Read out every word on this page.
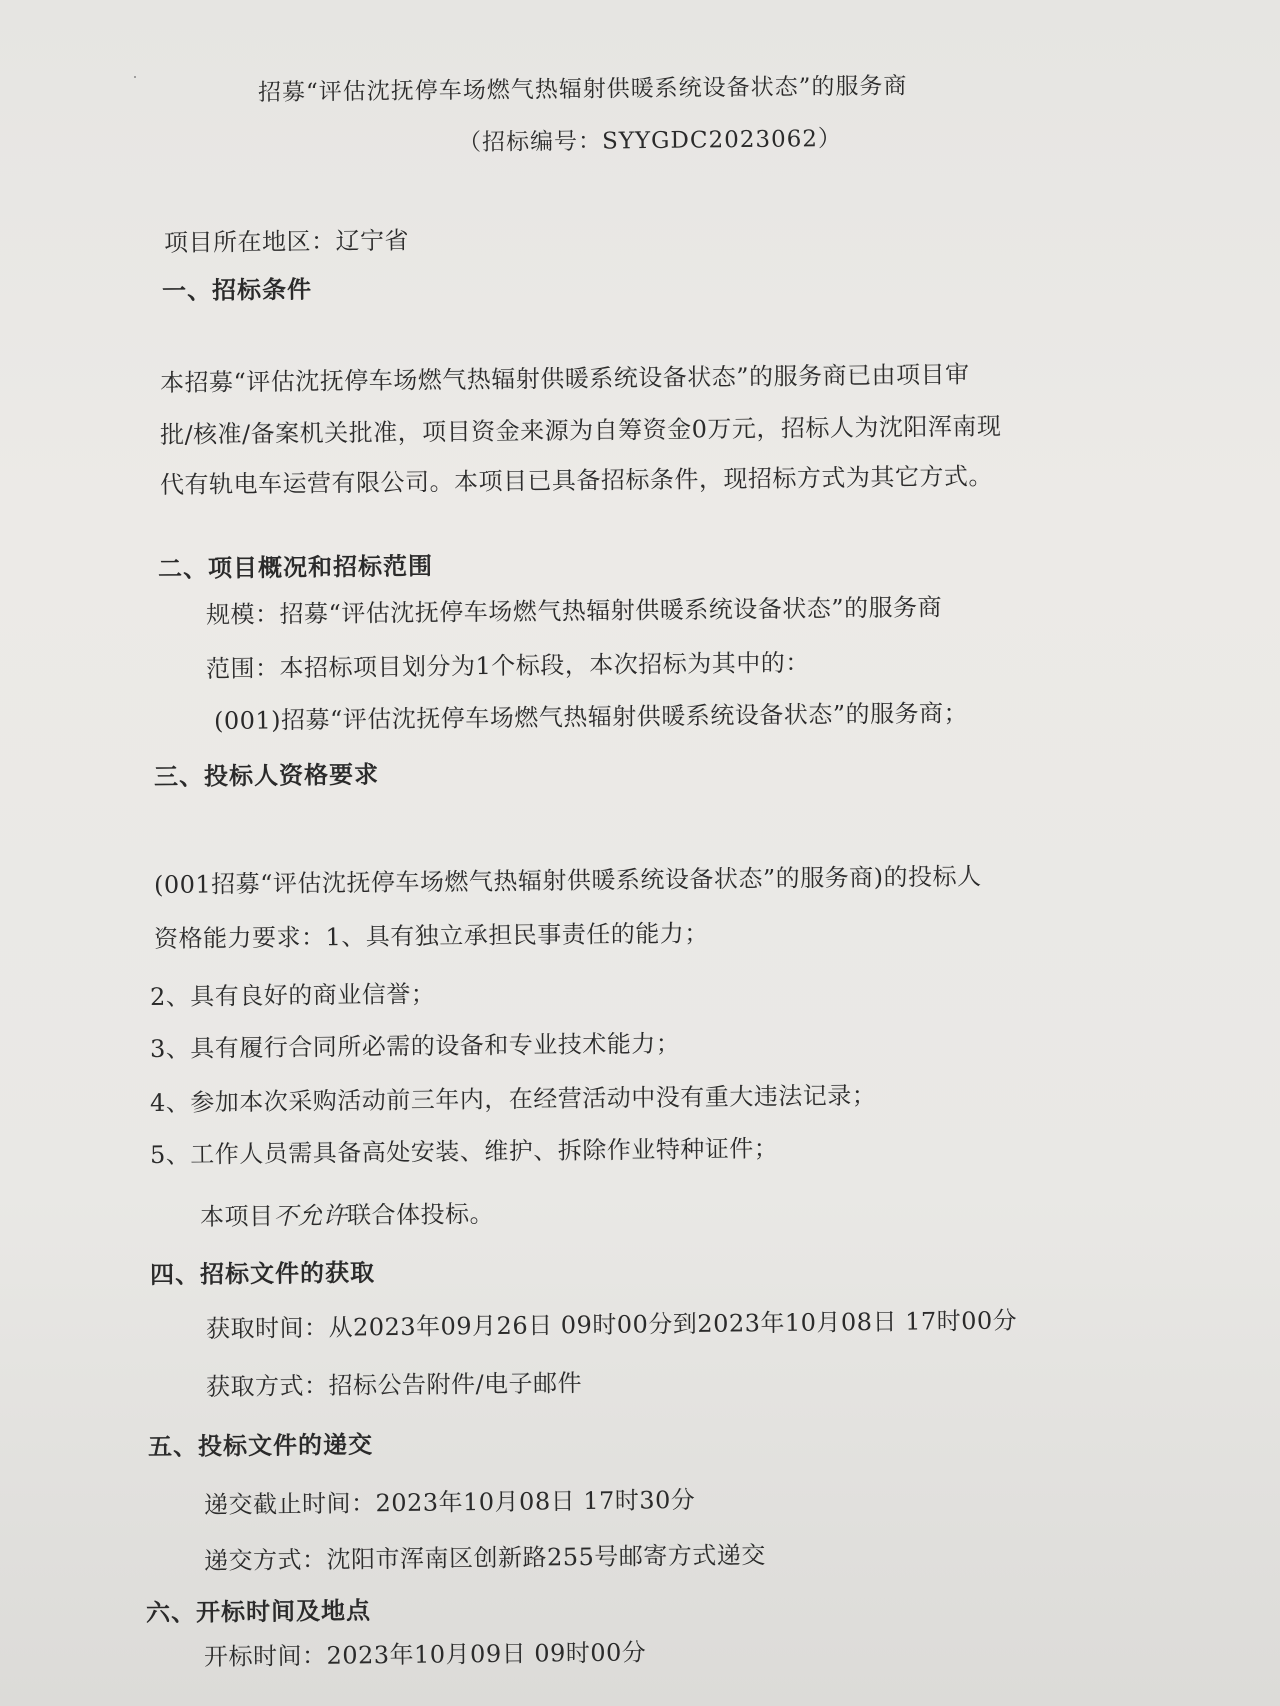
招募“评估沈抚停车场燃气热辐射供暖系统设备状态”的服务商
（招标编号：SYYGDC2023062）
项目所在地区：辽宁省
一、招标条件
本招募“评估沈抚停车场燃气热辐射供暖系统设备状态”的服务商已由项目审
批/核准/备案机关批准，项目资金来源为自筹资金0万元，招标人为沈阳浑南现
代有轨电车运营有限公司。本项目已具备招标条件，现招标方式为其它方式。
二、项目概况和招标范围
规模：招募“评估沈抚停车场燃气热辐射供暖系统设备状态”的服务商
范围：本招标项目划分为1个标段，本次招标为其中的：
(001)招募“评估沈抚停车场燃气热辐射供暖系统设备状态”的服务商；
三、投标人资格要求
(001招募“评估沈抚停车场燃气热辐射供暖系统设备状态”的服务商)的投标人
资格能力要求：1、具有独立承担民事责任的能力；
2、具有良好的商业信誉；
3、具有履行合同所必需的设备和专业技术能力；
4、参加本次采购活动前三年内，在经营活动中没有重大违法记录；
5、工作人员需具备高处安装、维护、拆除作业特种证件；
本项目不允许联合体投标。
四、招标文件的获取
获取时间：从2023年09月26日 09时00分到2023年10月08日 17时00分
获取方式：招标公告附件/电子邮件
五、投标文件的递交
递交截止时间：2023年10月08日 17时30分
递交方式：沈阳市浑南区创新路255号邮寄方式递交
六、开标时间及地点
开标时间：2023年10月09日 09时00分
